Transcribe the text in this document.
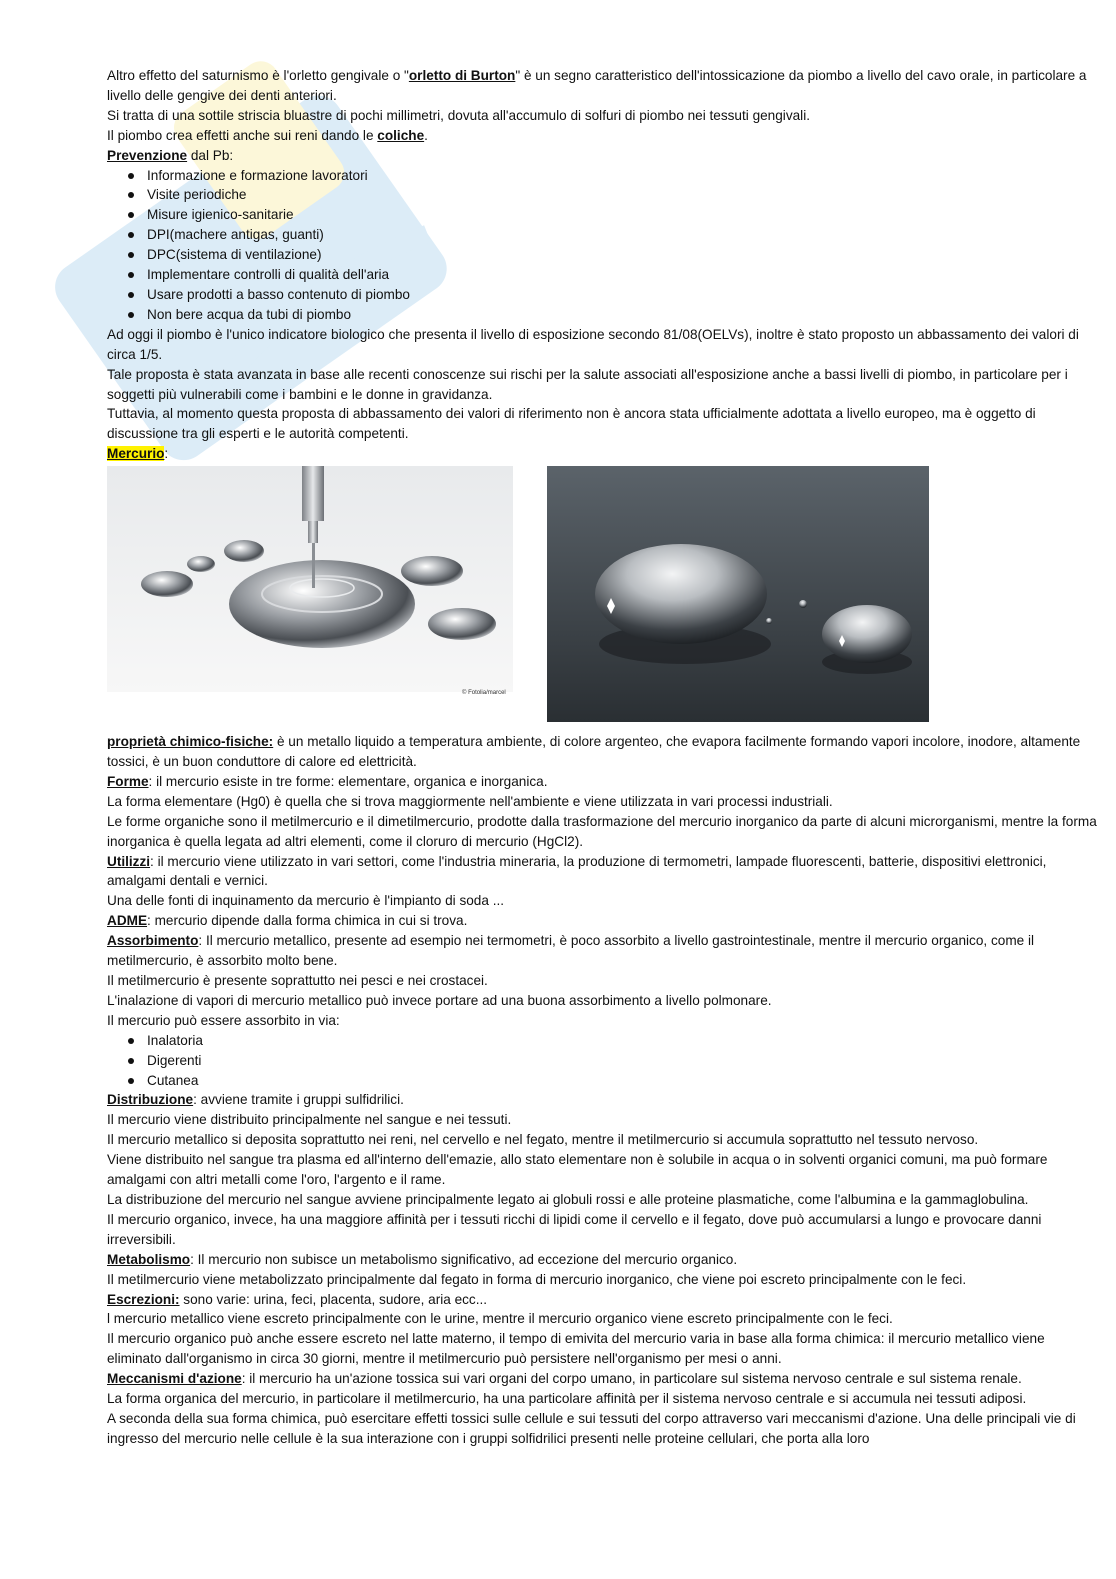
Altro effetto del saturnismo è l'orletto gengivale o "orletto di Burton" è un segno caratteristico dell'intossicazione da piombo a livello del cavo orale, in particolare a livello delle gengive dei denti anteriori.

Si tratta di una sottile striscia bluastre di pochi millimetri, dovuta all'accumulo di solfuri di piombo nei tessuti gengivali.

Il piombo crea effetti anche sui reni dando le coliche.

Prevenzione dal Pb:

Informazione e formazione lavoratori
Visite periodiche
Misure igienico-sanitarie
DPI(machere antigas, guanti)
DPC(sistema di ventilazione)
Implementare controlli di qualità dell'aria
Usare prodotti a basso contenuto di piombo
Non bere acqua da tubi di piombo

Ad oggi il piombo è l'unico indicatore biologico che presenta il livello di esposizione secondo 81/08(OELVs), inoltre è stato proposto un abbassamento dei valori di circa 1/5.

Tale proposta è stata avanzata in base alle recenti conoscenze sui rischi per la salute associati all'esposizione anche a bassi livelli di piombo, in particolare per i soggetti più vulnerabili come i bambini e le donne in gravidanza.

Tuttavia, al momento questa proposta di abbassamento dei valori di riferimento non è ancora stata ufficialmente adottata a livello europeo, ma è oggetto di discussione tra gli esperti e le autorità competenti.

Mercurio:

© Fotolia/marcel

proprietà chimico-fisiche: è un metallo liquido a temperatura ambiente, di colore argenteo, che evapora facilmente formando vapori incolore, inodore, altamente tossici, è un buon conduttore di calore ed elettricità.

Forme: il mercurio esiste in tre forme: elementare, organica e inorganica.

La forma elementare (Hg0) è quella che si trova maggiormente nell'ambiente e viene utilizzata in vari processi industriali.

Le forme organiche sono il metilmercurio e il dimetilmercurio, prodotte dalla trasformazione del mercurio inorganico da parte di alcuni microrganismi, mentre la forma inorganica è quella legata ad altri elementi, come il cloruro di mercurio (HgCl2).

Utilizzi: il mercurio viene utilizzato in vari settori, come l'industria mineraria, la produzione di termometri, lampade fluorescenti, batterie, dispositivi elettronici, amalgami dentali e vernici.

Una delle fonti di inquinamento da mercurio è l'impianto di soda ...

ADME: mercurio dipende dalla forma chimica in cui si trova.

Assorbimento: Il mercurio metallico, presente ad esempio nei termometri, è poco assorbito a livello gastrointestinale, mentre il mercurio organico, come il metilmercurio, è assorbito molto bene.

Il metilmercurio è presente soprattutto nei pesci e nei crostacei.

L'inalazione di vapori di mercurio metallico può invece portare ad una buona assorbimento a livello polmonare.

Il mercurio può essere assorbito in via:

Inalatoria
Digerenti
Cutanea

Distribuzione: avviene tramite i gruppi sulfidrilici.

Il mercurio viene distribuito principalmente nel sangue e nei tessuti.

Il mercurio metallico si deposita soprattutto nei reni, nel cervello e nel fegato, mentre il metilmercurio si accumula soprattutto nel tessuto nervoso.

Viene distribuito nel sangue tra plasma ed all'interno dell'emazie, allo stato elementare non è solubile in acqua o in solventi organici comuni, ma può formare amalgami con altri metalli come l'oro, l'argento e il rame.

La distribuzione del mercurio nel sangue avviene principalmente legato ai globuli rossi e alle proteine plasmatiche, come l'albumina e la gammaglobulina.

Il mercurio organico, invece, ha una maggiore affinità per i tessuti ricchi di lipidi come il cervello e il fegato, dove può accumularsi a lungo e provocare danni irreversibili.

Metabolismo: Il mercurio non subisce un metabolismo significativo, ad eccezione del mercurio organico.

Il metilmercurio viene metabolizzato principalmente dal fegato in forma di mercurio inorganico, che viene poi escreto principalmente con le feci.

Escrezioni: sono varie: urina, feci, placenta, sudore, aria ecc...

l mercurio metallico viene escreto principalmente con le urine, mentre il mercurio organico viene escreto principalmente con le feci.

Il mercurio organico può anche essere escreto nel latte materno, il tempo di emivita del mercurio varia in base alla forma chimica: il mercurio metallico viene eliminato dall'organismo in circa 30 giorni, mentre il metilmercurio può persistere nell'organismo per mesi o anni.

Meccanismi d'azione: il mercurio ha un'azione tossica sui vari organi del corpo umano, in particolare sul sistema nervoso centrale e sul sistema renale.

La forma organica del mercurio, in particolare il metilmercurio, ha una particolare affinità per il sistema nervoso centrale e si accumula nei tessuti adiposi.

A seconda della sua forma chimica, può esercitare effetti tossici sulle cellule e sui tessuti del corpo attraverso vari meccanismi d'azione. Una delle principali vie di ingresso del mercurio nelle cellule è la sua interazione con i gruppi solfidrilici presenti nelle proteine cellulari, che porta alla loro
